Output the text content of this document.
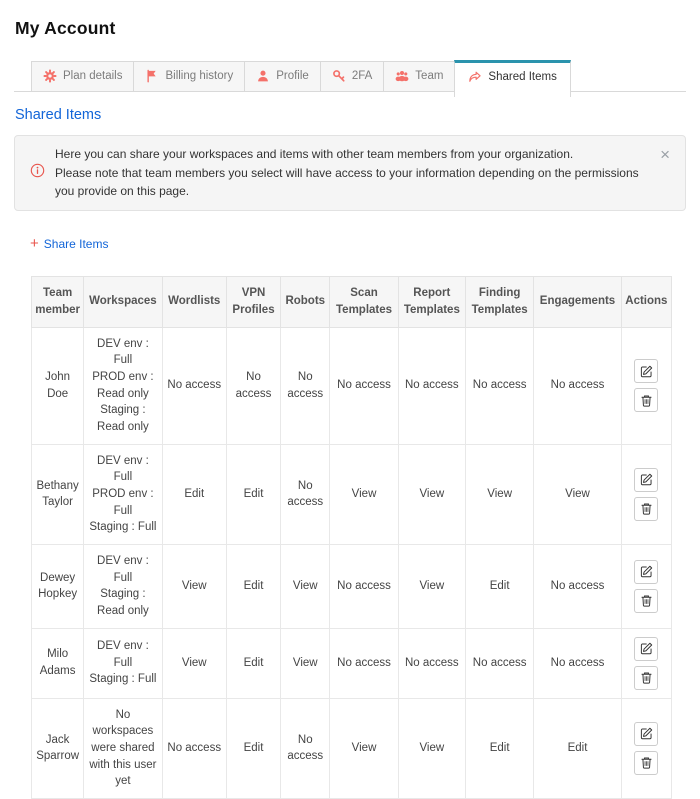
My Account
Plan details	Billing history	Profile	2FA	Team	Shared Items
Shared Items
Here you can share your workspaces and items with other team members from your organization.
Please note that team members you select will have access to your information depending on the permissions you provide on this page.
×
+ Share Items
Team member	Workspaces	Wordlists	VPN Profiles	Robots	Scan Templates	Report Templates	Finding Templates	Engagements	Actions
John Doe	DEV env : Full
PROD env : Read only
Staging : Read only	No access	No access	No access	No access	No access	No access	No access	

Bethany Taylor	DEV env : Full
PROD env : Full
Staging : Full	Edit	Edit	No access	View	View	View	View	

Dewey Hopkey	DEV env : Full
Staging : Read only	View	Edit	View	No access	View	Edit	No access	

Milo Adams	DEV env : Full
Staging : Full	View	Edit	View	No access	No access	No access	No access	

Jack Sparrow	No workspaces were shared with this user yet	No access	Edit	No access	View	View	Edit	Edit	
